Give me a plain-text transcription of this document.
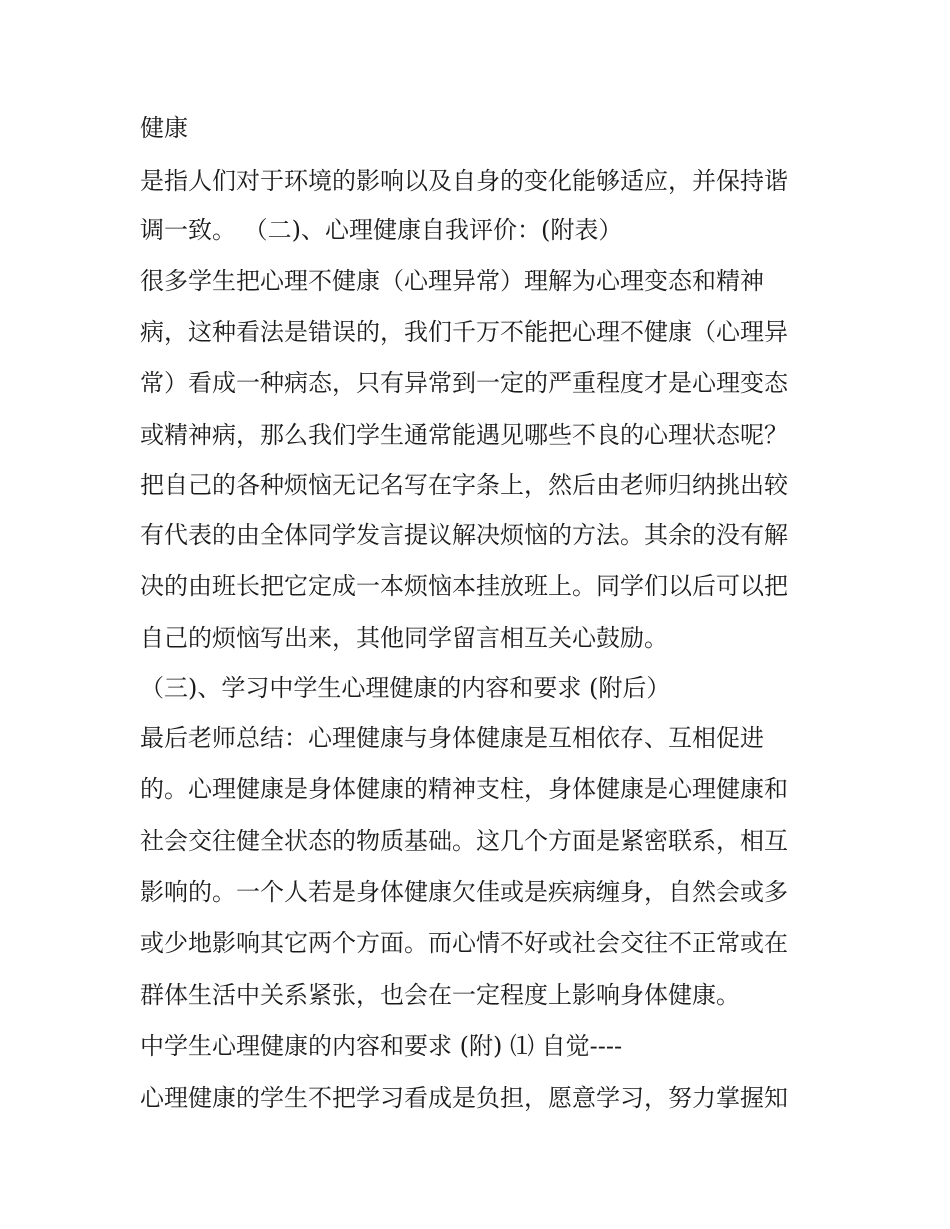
健康
是指人们对于环境的影响以及自身的变化能够适应，并保持谐
调一致。 （二)、心理健康自我评价：(附表）
很多学生把心理不健康（心理异常）理解为心理变态和精神
病，这种看法是错误的，我们千万不能把心理不健康（心理异
常）看成一种病态，只有异常到一定的严重程度才是心理变态
或精神病，那么我们学生通常能遇见哪些不良的心理状态呢？
把自己的各种烦恼无记名写在字条上，然后由老师归纳挑出较
有代表的由全体同学发言提议解决烦恼的方法。其余的没有解
决的由班长把它定成一本烦恼本挂放班上。同学们以后可以把
自己的烦恼写出来，其他同学留言相互关心鼓励。
（三)、学习中学生心理健康的内容和要求 (附后）
最后老师总结：心理健康与身体健康是互相依存、互相促进
的。心理健康是身体健康的精神支柱，身体健康是心理健康和
社会交往健全状态的物质基础。这几个方面是紧密联系，相互
影响的。一个人若是身体健康欠佳或是疾病缠身，自然会或多
或少地影响其它两个方面。而心情不好或社会交往不正常或在
群体生活中关系紧张，也会在一定程度上影响身体健康。
中学生心理健康的内容和要求 (附) ⑴ 自觉----
心理健康的学生不把学习看成是负担，愿意学习，努力掌握知
